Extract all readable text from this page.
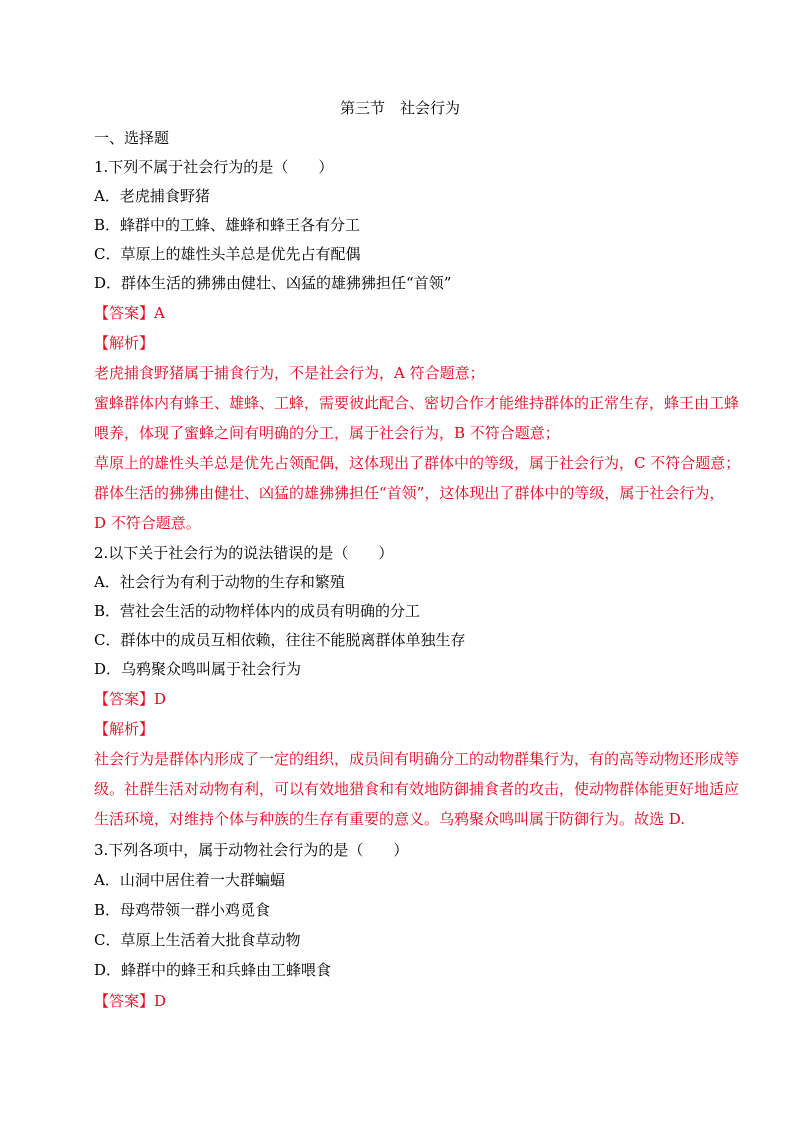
第三节　社会行为
一、选择题
1.下列不属于社会行为的是（　　）
A．老虎捕食野猪
B．蜂群中的工蜂、雄蜂和蜂王各有分工
C．草原上的雄性头羊总是优先占有配偶
D．群体生活的狒狒由健壮、凶猛的雄狒狒担任“首领”
【答案】A
【解析】
老虎捕食野猪属于捕食行为，不是社会行为，A 符合题意；
蜜蜂群体内有蜂王、雄蜂、工蜂，需要彼此配合、密切合作才能维持群体的正常生存，蜂王由工蜂
喂养，体现了蜜蜂之间有明确的分工，属于社会行为，B 不符合题意；
草原上的雄性头羊总是优先占领配偶，这体现出了群体中的等级，属于社会行为，C 不符合题意；
群体生活的狒狒由健壮、凶猛的雄狒狒担任“首领”，这体现出了群体中的等级，属于社会行为，
D 不符合题意。
2.以下关于社会行为的说法错误的是（　　）
A．社会行为有利于动物的生存和繁殖
B．营社会生活的动物样体内的成员有明确的分工
C．群体中的成员互相依赖，往往不能脱离群体单独生存
D．乌鸦聚众鸣叫属于社会行为
【答案】D
【解析】
社会行为是群体内形成了一定的组织，成员间有明确分工的动物群集行为，有的高等动物还形成等
级。社群生活对动物有利，可以有效地猎食和有效地防御捕食者的攻击，使动物群体能更好地适应
生活环境，对维持个体与种族的生存有重要的意义。乌鸦聚众鸣叫属于防御行为。故选 D.
3.下列各项中，属于动物社会行为的是（　　）
A．山洞中居住着一大群蝙蝠
B．母鸡带领一群小鸡觅食
C．草原上生活着大批食草动物
D．蜂群中的蜂王和兵蜂由工蜂喂食
【答案】D
